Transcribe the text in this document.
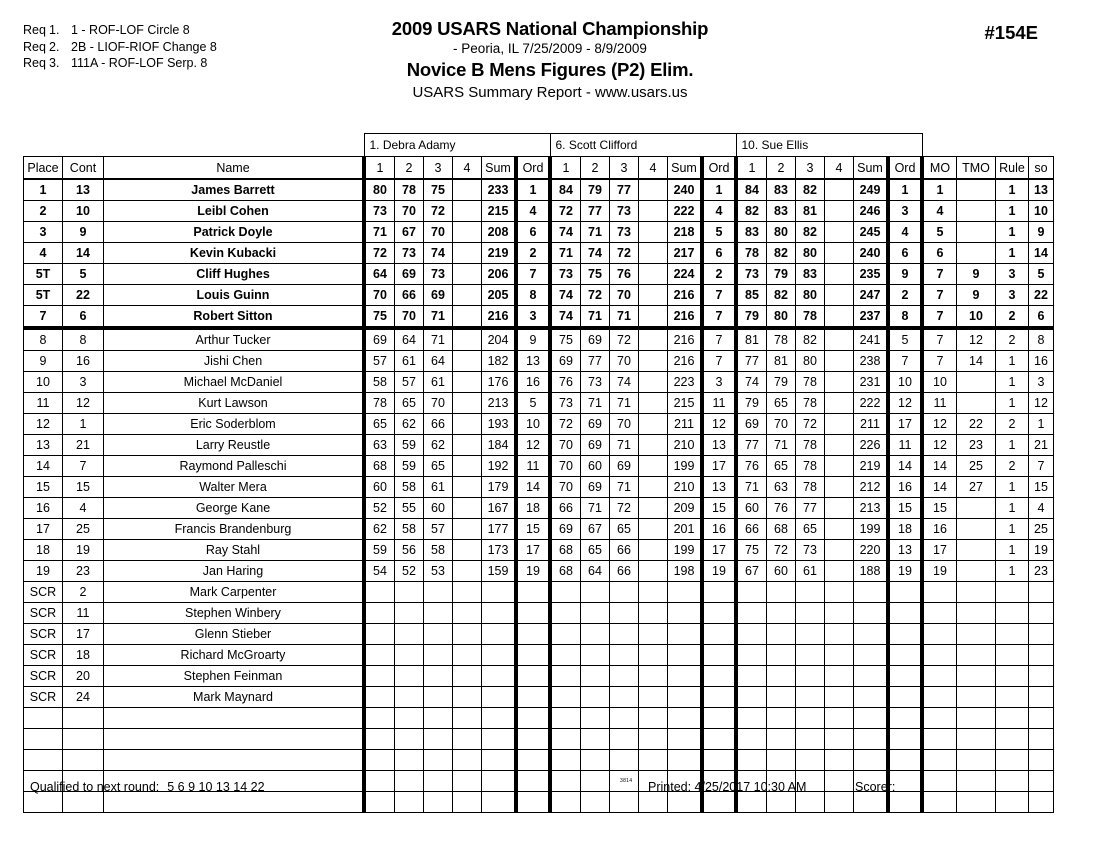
Req 1. 1 - ROF-LOF Circle 8
Req 2. 2B - LIOF-RIOF Change 8
Req 3. 111A - ROF-LOF Serp. 8
2009 USARS National Championship
- Peoria, IL 7/25/2009 - 8/9/2009
Novice B Mens Figures (P2) Elim.
USARS Summary Report - www.usars.us
#154E
			1. Debra Adamy						6. Scott Clifford						10. Sue Ellis									
Place	Cont	Name	1	2	3	4	Sum	Ord	1	2	3	4	Sum	Ord	1	2	3	4	Sum	Ord	MO	TMO	Rule	so
1	13	James Barrett	80	78	75		233	1	84	79	77		240	1	84	83	82		249	1	1		1	13
2	10	Leibl Cohen	73	70	72		215	4	72	77	73		222	4	82	83	81		246	3	4		1	10
3	9	Patrick Doyle	71	67	70		208	6	74	71	73		218	5	83	80	82		245	4	5		1	9
4	14	Kevin Kubacki	72	73	74		219	2	71	74	72		217	6	78	82	80		240	6	6		1	14
5T	5	Cliff Hughes	64	69	73		206	7	73	75	76		224	2	73	79	83		235	9	7	9	3	5
5T	22	Louis Guinn	70	66	69		205	8	74	72	70		216	7	85	82	80		247	2	7	9	3	22
7	6	Robert Sitton	75	70	71		216	3	74	71	71		216	7	79	80	78		237	8	7	10	2	6
8	8	Arthur Tucker	69	64	71		204	9	75	69	72		216	7	81	78	82		241	5	7	12	2	8
9	16	Jishi Chen	57	61	64		182	13	69	77	70		216	7	77	81	80		238	7	7	14	1	16
10	3	Michael McDaniel	58	57	61		176	16	76	73	74		223	3	74	79	78		231	10	10		1	3
11	12	Kurt Lawson	78	65	70		213	5	73	71	71		215	11	79	65	78		222	12	11		1	12
12	1	Eric Soderblom	65	62	66		193	10	72	69	70		211	12	69	70	72		211	17	12	22	2	1
13	21	Larry Reustle	63	59	62		184	12	70	69	71		210	13	77	71	78		226	11	12	23	1	21
14	7	Raymond Palleschi	68	59	65		192	11	70	60	69		199	17	76	65	78		219	14	14	25	2	7
15	15	Walter Mera	60	58	61		179	14	70	69	71		210	13	71	63	78		212	16	14	27	1	15
16	4	George Kane	52	55	60		167	18	66	71	72		209	15	60	76	77		213	15	15		1	4
17	25	Francis Brandenburg	62	58	57		177	15	69	67	65		201	16	66	68	65		199	18	16		1	25
18	19	Ray Stahl	59	56	58		173	17	68	65	66		199	17	75	72	73		220	13	17		1	19
19	23	Jan Haring	54	52	53		159	19	68	64	66		198	19	67	60	61		188	19	19		1	23
SCR	2	Mark Carpenter																						
SCR	11	Stephen Winbery																						
SCR	17	Glenn Stieber																						
SCR	18	Richard McGroarty																						
SCR	20	Stephen Feinman																						
SCR	24	Mark Maynard																						

Qualified to next round: 5 6 9 10 13 14 22	3814 Printed: 4/25/2017 10:30 AM	Scorer:
